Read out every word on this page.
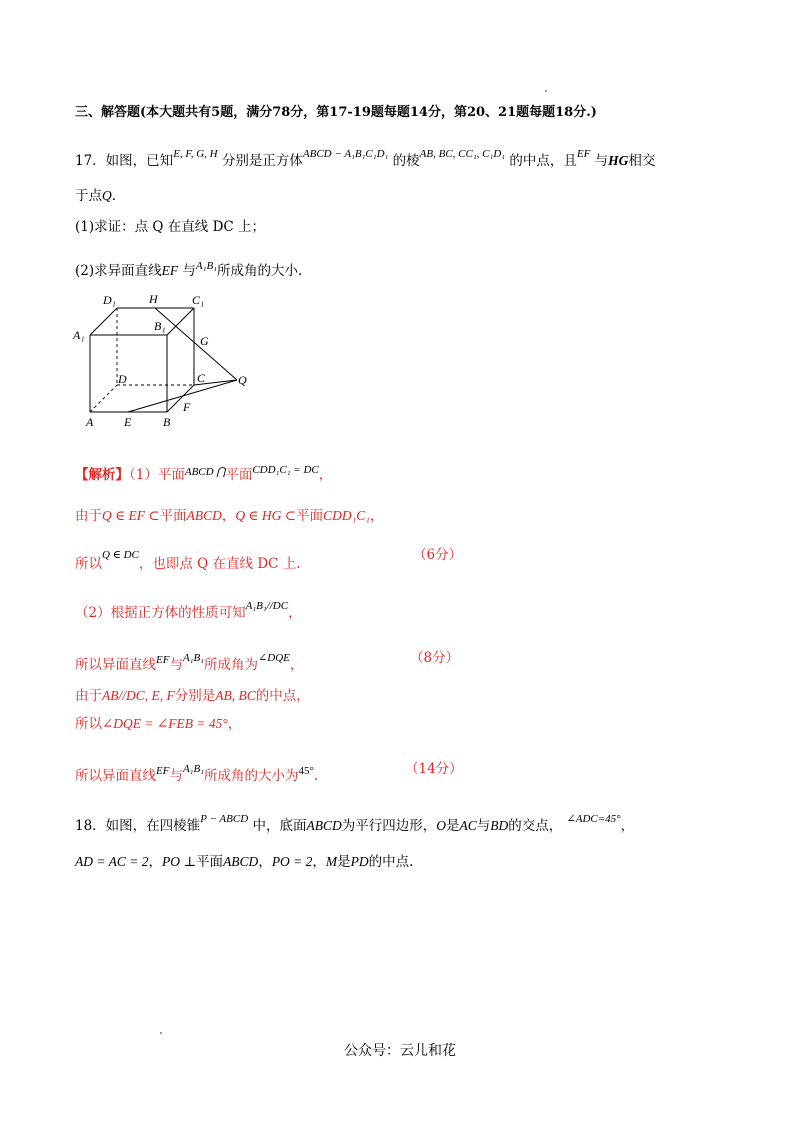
三、解答题(本大题共有5题，满分78分，第17-19题每题14分，第20、21题每题18分.)
17．如图，已知$^{E, F, G, H}$ 分别是正方体$^{ABCD - A_1B_1C_1D_1}$ 的棱$^{AB, BC, CC_1, C_1D_1}$ 的中点，且$^{EF}$ 与HG相交
于点Q.
(1)求证：点 Q 在直线 DC 上；
(2)求异面直线EF 与$^{A_1B_1}$所成角的大小.
D₁	H	C₁
A₁
B₁
G
D	C	Q
F
A	E	B
【解析】（1）平面$^{ABCD ⋂}$平面$^{CDD_1C_1 = DC}$，
由于Q ∈ EF ⊂平面ABCD，Q ∈ HG ⊂平面CDD₁C₁，
所以$^{Q \in DC}$，也即点 Q 在直线 DC 上.
（6分）
（2）根据正方体的性质可知$^{A_1B_1//DC}$，
所以异面直线$^{EF}$与$^{A_1B_1}$所成角为$^{\angle DQE}$，	（8分）
由于AB//DC, E, F分别是AB, BC的中点，
所以∠DQE = ∠FEB = 45°，
所以异面直线$^{EF}$与$^{A_1B_1}$所成角的大小为$^{45^\circ}$.	（14分）
18．如图，在四棱锥$^{P - ABCD}$ 中，底面ABCD为平行四边形，O是AC与BD的交点， $^{\angle ADC=45^\circ}$，
AD = AC = 2，PO ⊥平面ABCD，PO = 2，M是PD的中点.
公众号：云儿和花
